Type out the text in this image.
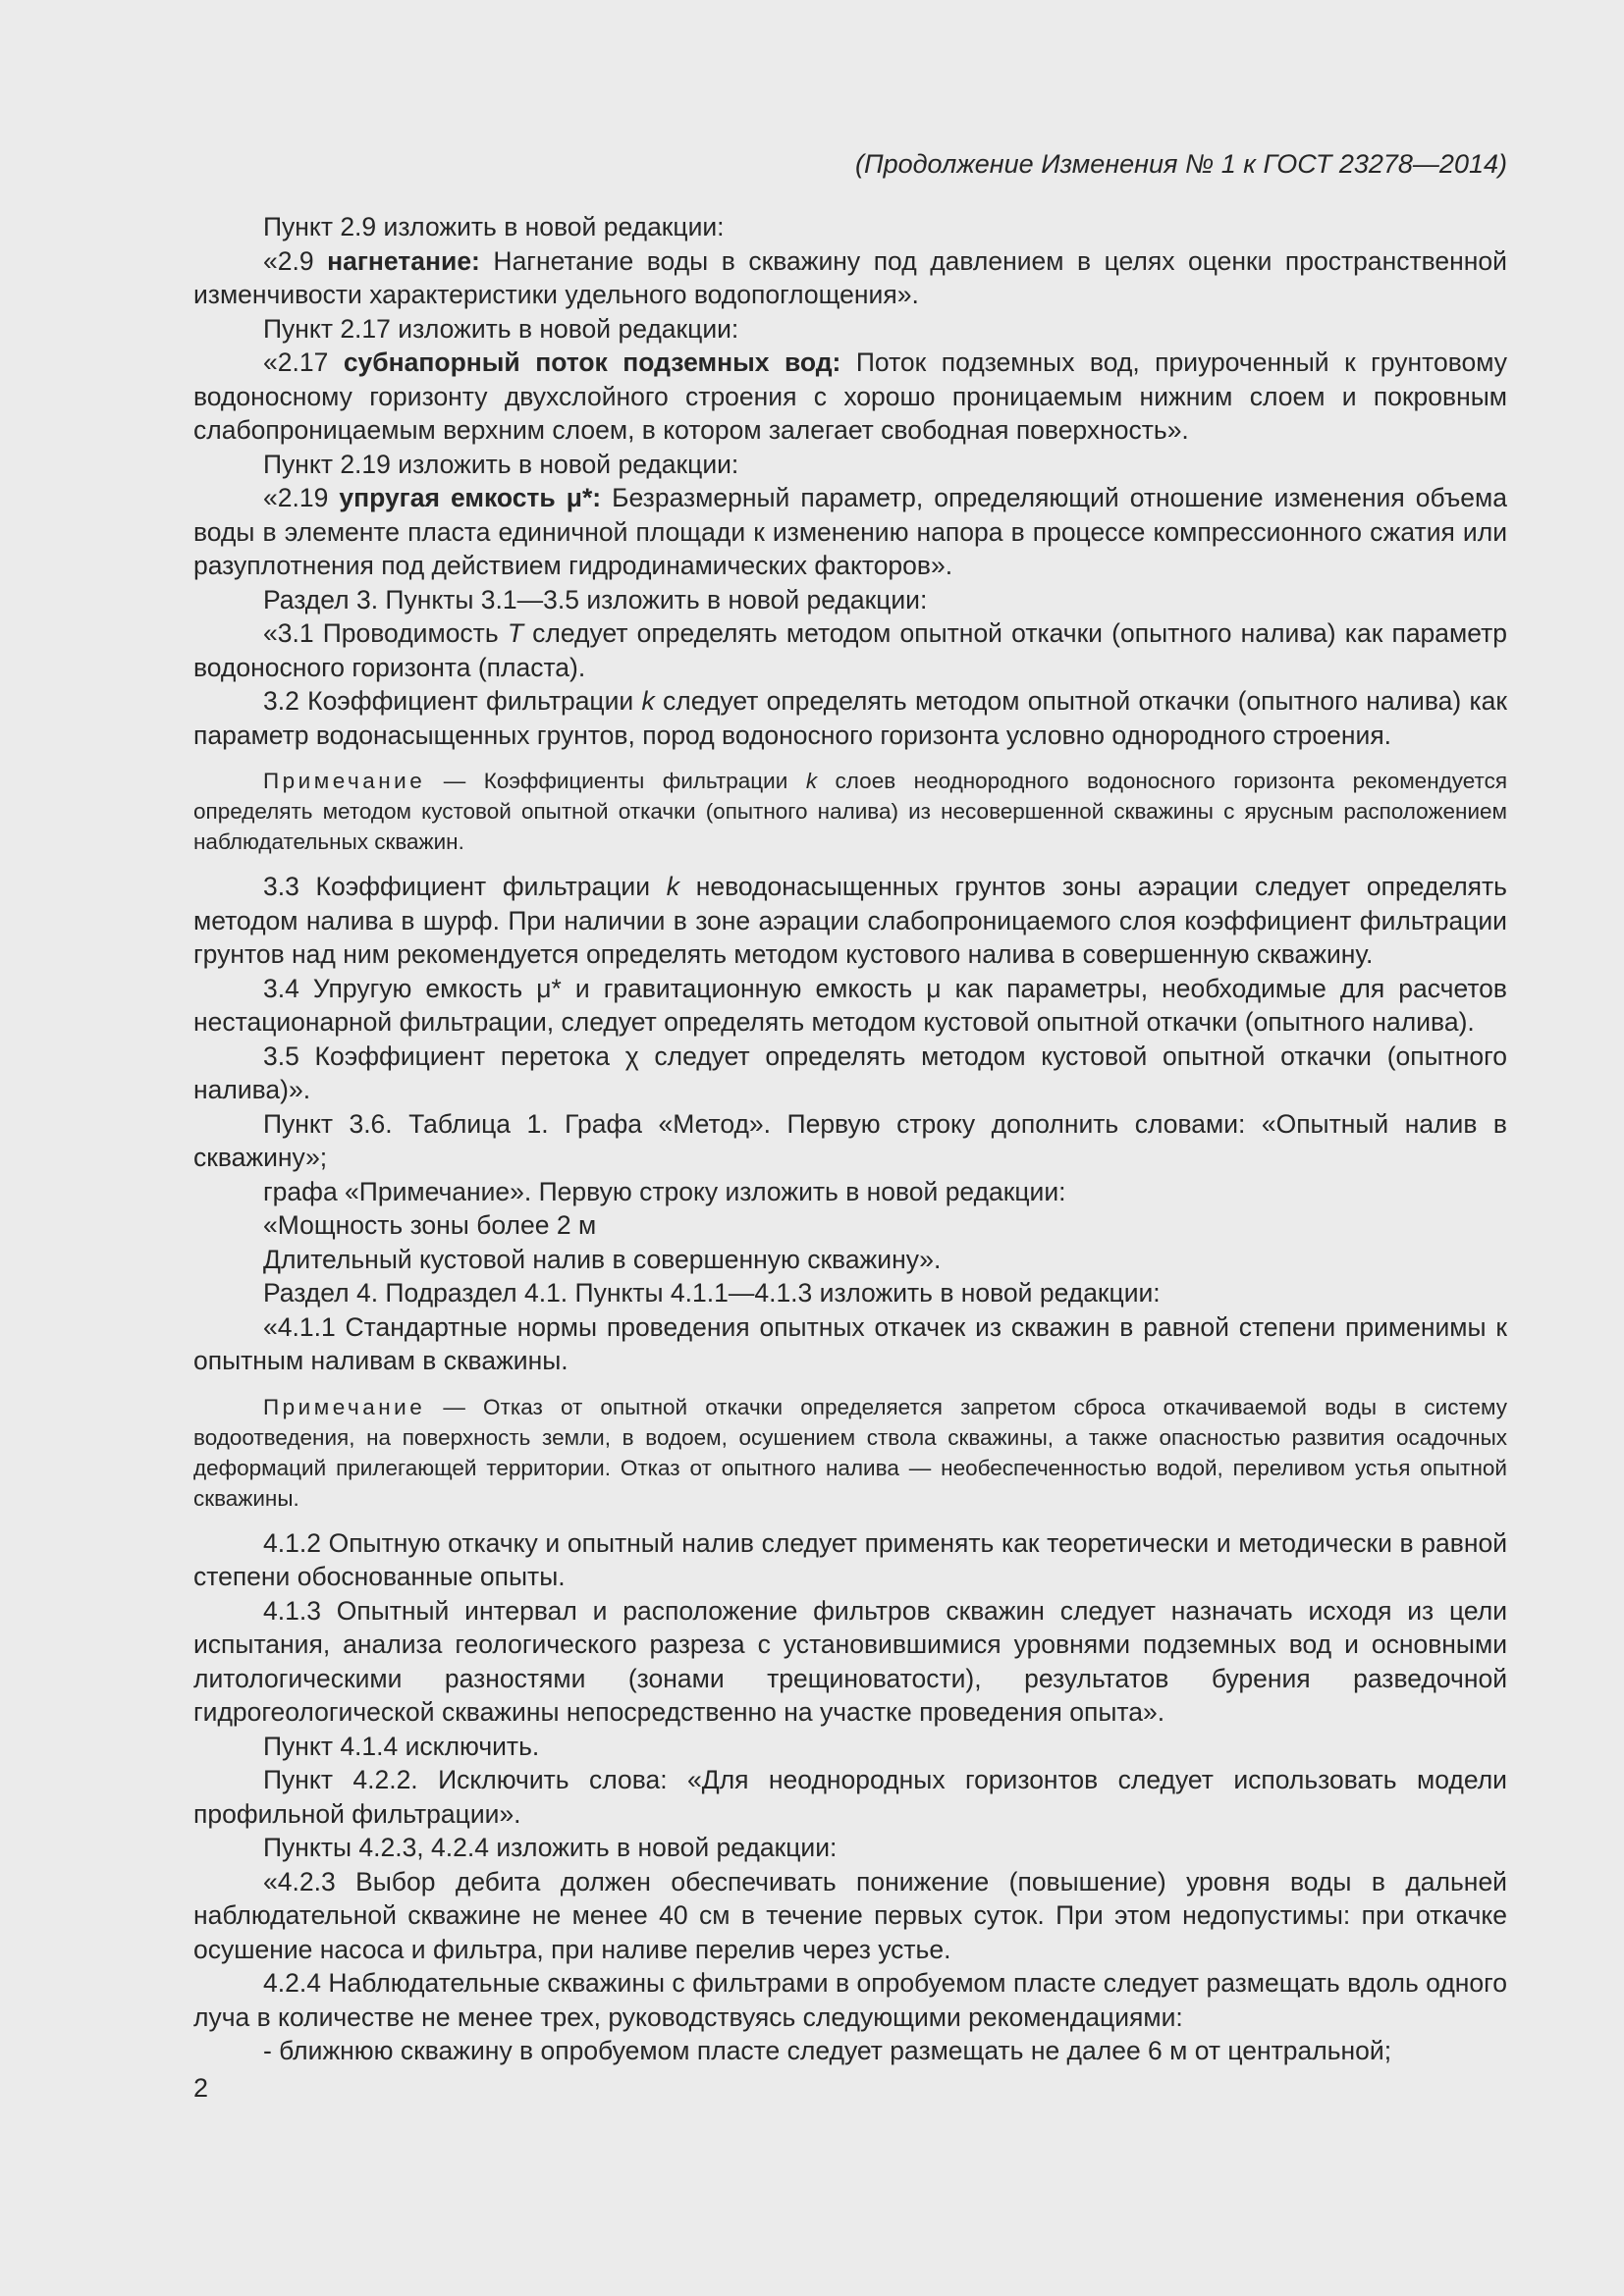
(Продолжение Изменения № 1 к ГОСТ 23278—2014)

Пункт 2.9 изложить в новой редакции:

«2.9 нагнетание: Нагнетание воды в скважину под давлением в целях оценки пространственной изменчивости характеристики удельного водопоглощения».

Пункт 2.17 изложить в новой редакции:

«2.17 субнапорный поток подземных вод: Поток подземных вод, приуроченный к грунтовому водоносному горизонту двухслойного строения с хорошо проницаемым нижним слоем и покровным слабопроницаемым верхним слоем, в котором залегает свободная поверхность».

Пункт 2.19 изложить в новой редакции:

«2.19 упругая емкость μ*: Безразмерный параметр, определяющий отношение изменения объема воды в элементе пласта единичной площади к изменению напора в процессе компрессионного сжатия или разуплотнения под действием гидродинамических факторов».

Раздел 3. Пункты 3.1—3.5 изложить в новой редакции:

«3.1 Проводимость T следует определять методом опытной откачки (опытного налива) как параметр водоносного горизонта (пласта).

3.2 Коэффициент фильтрации k следует определять методом опытной откачки (опытного налива) как параметр водонасыщенных грунтов, пород водоносного горизонта условно однородного строения.

Примечание — Коэффициенты фильтрации k слоев неоднородного водоносного горизонта рекомендуется определять методом кустовой опытной откачки (опытного налива) из несовершенной скважины с ярусным расположением наблюдательных скважин.

3.3 Коэффициент фильтрации k неводонасыщенных грунтов зоны аэрации следует определять методом налива в шурф. При наличии в зоне аэрации слабопроницаемого слоя коэффициент фильтрации грунтов над ним рекомендуется определять методом кустового налива в совершенную скважину.

3.4 Упругую емкость μ* и гравитационную емкость μ как параметры, необходимые для расчетов нестационарной фильтрации, следует определять методом кустовой опытной откачки (опытного налива).

3.5 Коэффициент перетока χ следует определять методом кустовой опытной откачки (опытного налива)».

Пункт 3.6. Таблица 1. Графа «Метод». Первую строку дополнить словами: «Опытный налив в скважину»;

графа «Примечание». Первую строку изложить в новой редакции:

«Мощность зоны более 2 м

Длительный кустовой налив в совершенную скважину».

Раздел 4. Подраздел 4.1. Пункты 4.1.1—4.1.3 изложить в новой редакции:

«4.1.1 Стандартные нормы проведения опытных откачек из скважин в равной степени применимы к опытным наливам в скважины.

Примечание — Отказ от опытной откачки определяется запретом сброса откачиваемой воды в систему водоотведения, на поверхность земли, в водоем, осушением ствола скважины, а также опасностью развития осадочных деформаций прилегающей территории. Отказ от опытного налива — необеспеченностью водой, переливом устья опытной скважины.

4.1.2 Опытную откачку и опытный налив следует применять как теоретически и методически в равной степени обоснованные опыты.

4.1.3 Опытный интервал и расположение фильтров скважин следует назначать исходя из цели испытания, анализа геологического разреза с установившимися уровнями подземных вод и основными литологическими разностями (зонами трещиноватости), результатов бурения разведочной гидрогеологической скважины непосредственно на участке проведения опыта».

Пункт 4.1.4 исключить.

Пункт 4.2.2. Исключить слова: «Для неоднородных горизонтов следует использовать модели профильной фильтрации».

Пункты 4.2.3, 4.2.4 изложить в новой редакции:

«4.2.3 Выбор дебита должен обеспечивать понижение (повышение) уровня воды в дальней наблюдательной скважине не менее 40 см в течение первых суток. При этом недопустимы: при откачке осушение насоса и фильтра, при наливе перелив через устье.

4.2.4 Наблюдательные скважины с фильтрами в опробуемом пласте следует размещать вдоль одного луча в количестве не менее трех, руководствуясь следующими рекомендациями:

- ближнюю скважину в опробуемом пласте следует размещать не далее 6 м от центральной;

2
